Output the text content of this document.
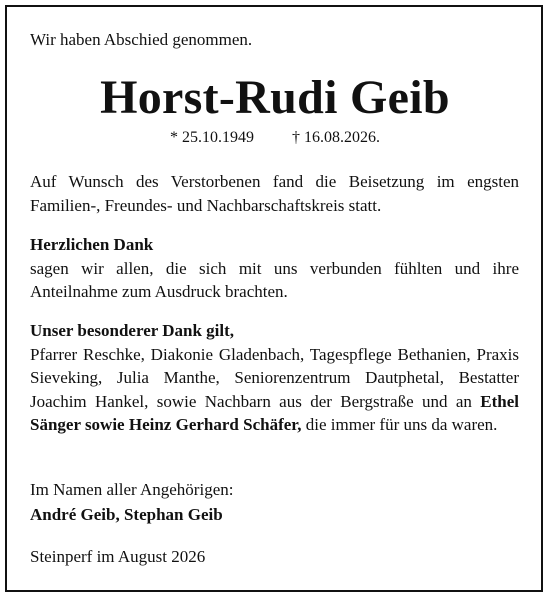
Wir haben Abschied genommen.
Horst-Rudi Geib
* 25.10.1949 † 16.08.2026.
Auf Wunsch des Verstorbenen fand die Beisetzung im engsten Familien-, Freundes- und Nachbarschaftskreis statt.
Herzlichen Dank
sagen wir allen, die sich mit uns verbunden fühlten und ihre Anteilnahme zum Ausdruck brachten.
Unser besonderer Dank gilt,
Pfarrer Reschke, Diakonie Gladenbach, Tagespflege Bethanien, Praxis Sieveking, Julia Manthe, Seniorenzentrum Dautphetal, Bestatter Joachim Hankel, sowie Nachbarn aus der Bergstraße und an Ethel Sänger sowie Heinz Gerhard Schäfer, die immer für uns da waren.
Im Namen aller Angehörigen:
André Geib, Stephan Geib
Steinperf im August 2026
